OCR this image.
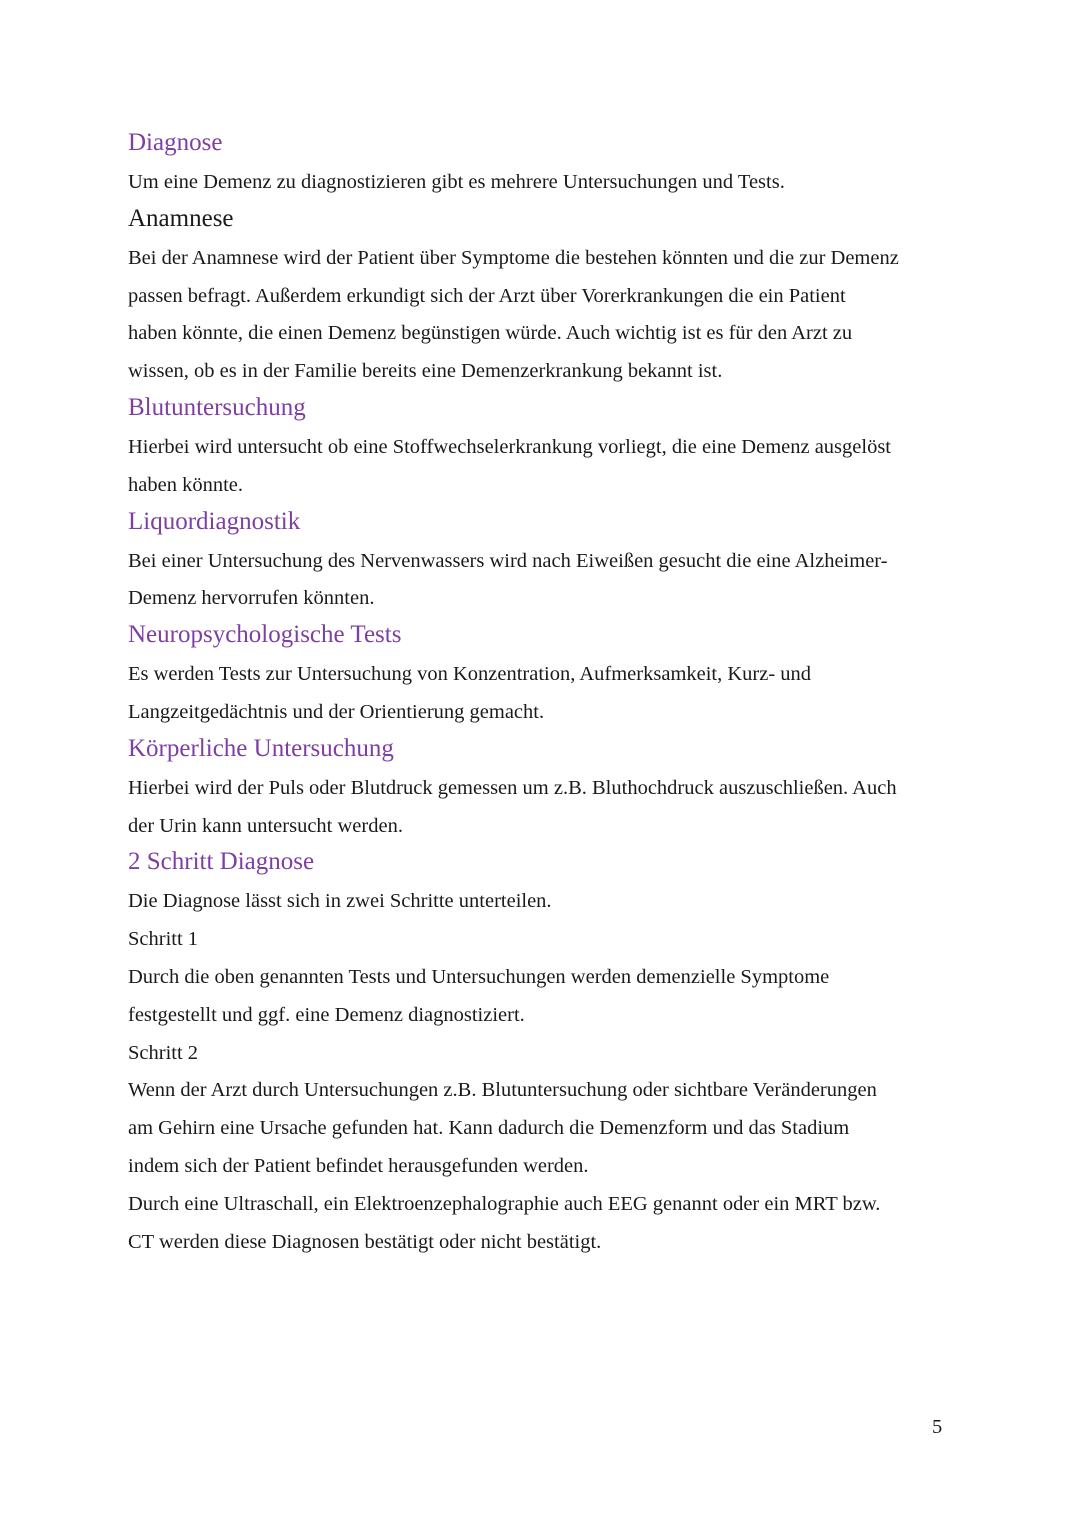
Diagnose

Um eine Demenz zu diagnostizieren gibt es mehrere Untersuchungen und Tests.

Anamnese

Bei der Anamnese wird der Patient über Symptome die bestehen könnten und die zur Demenz

passen befragt. Außerdem erkundigt sich der Arzt über Vorerkrankungen die ein Patient

haben könnte, die einen Demenz begünstigen würde. Auch wichtig ist es für den Arzt zu

wissen, ob es in der Familie bereits eine Demenzerkrankung bekannt ist.

Blutuntersuchung

Hierbei wird untersucht ob eine Stoffwechselerkrankung vorliegt, die eine Demenz ausgelöst

haben könnte.

Liquordiagnostik

Bei einer Untersuchung des Nervenwassers wird nach Eiweißen gesucht die eine Alzheimer-

Demenz hervorrufen könnten.

Neuropsychologische Tests

Es werden Tests zur Untersuchung von Konzentration, Aufmerksamkeit, Kurz- und

Langzeitgedächtnis und der Orientierung gemacht.

Körperliche Untersuchung

Hierbei wird der Puls oder Blutdruck gemessen um z.B. Bluthochdruck auszuschließen. Auch

der Urin kann untersucht werden.

2 Schritt Diagnose

Die Diagnose lässt sich in zwei Schritte unterteilen.

Schritt 1

Durch die oben genannten Tests und Untersuchungen werden demenzielle Symptome

festgestellt und ggf. eine Demenz diagnostiziert.

Schritt 2

Wenn der Arzt durch Untersuchungen z.B. Blutuntersuchung oder sichtbare Veränderungen

am Gehirn eine Ursache gefunden hat. Kann dadurch die Demenzform und das Stadium

indem sich der Patient befindet herausgefunden werden.

Durch eine Ultraschall, ein Elektroenzephalographie auch EEG genannt oder ein MRT bzw.

CT werden diese Diagnosen bestätigt oder nicht bestätigt.

5
